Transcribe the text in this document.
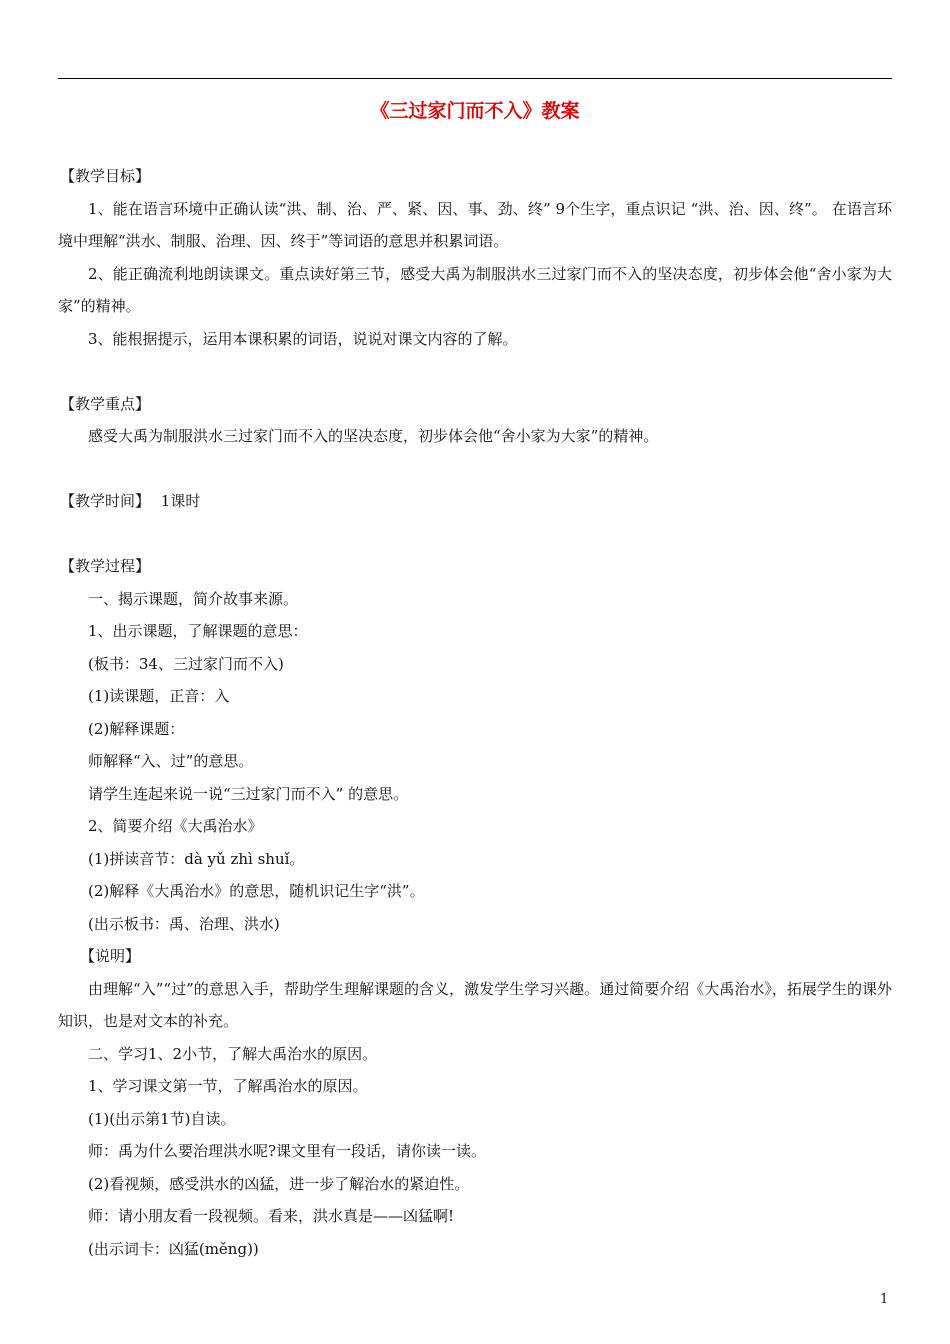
《三过家门而不入》教案
【教学目标】
1、能在语言环境中正确认读“洪、制、治、严、紧、因、事、劲、终” 9个生字，重点识记 “洪、治、因、终”。 在语言环境中理解“洪水、制服、治理、因、终于”等词语的意思并积累词语。
2、能正确流利地朗读课文。重点读好第三节，感受大禹为制服洪水三过家门而不入的坚决态度，初步体会他“舍小家为大家”的精神。
3、能根据提示，运用本课积累的词语，说说对课文内容的了解。
【教学重点】
感受大禹为制服洪水三过家门而不入的坚决态度，初步体会他“舍小家为大家”的精神。
【教学时间】 1课时
【教学过程】
一、揭示课题，简介故事来源。
1、出示课题，了解课题的意思：
(板书：34、三过家门而不入)
(1)读课题，正音：入
(2)解释课题：
师解释“入、过”的意思。
请学生连起来说一说“三过家门而不入” 的意思。
2、简要介绍《大禹治水》
(1)拼读音节：dà yǔ zhì shuǐ。
(2)解释《大禹治水》的意思，随机识记生字“洪”。
(出示板书：禹、治理、洪水)
【说明】
由理解“入”“过”的意思入手，帮助学生理解课题的含义，激发学生学习兴趣。通过简要介绍《大禹治水》，拓展学生的课外知识，也是对文本的补充。
二、学习1、2小节，了解大禹治水的原因。
1、学习课文第一节，了解禹治水的原因。
(1)(出示第1节)自读。
师：禹为什么要治理洪水呢?课文里有一段话，请你读一读。
(2)看视频，感受洪水的凶猛，进一步了解治水的紧迫性。
师：请小朋友看一段视频。看来，洪水真是——凶猛啊!
(出示词卡：凶猛(měng))
1
